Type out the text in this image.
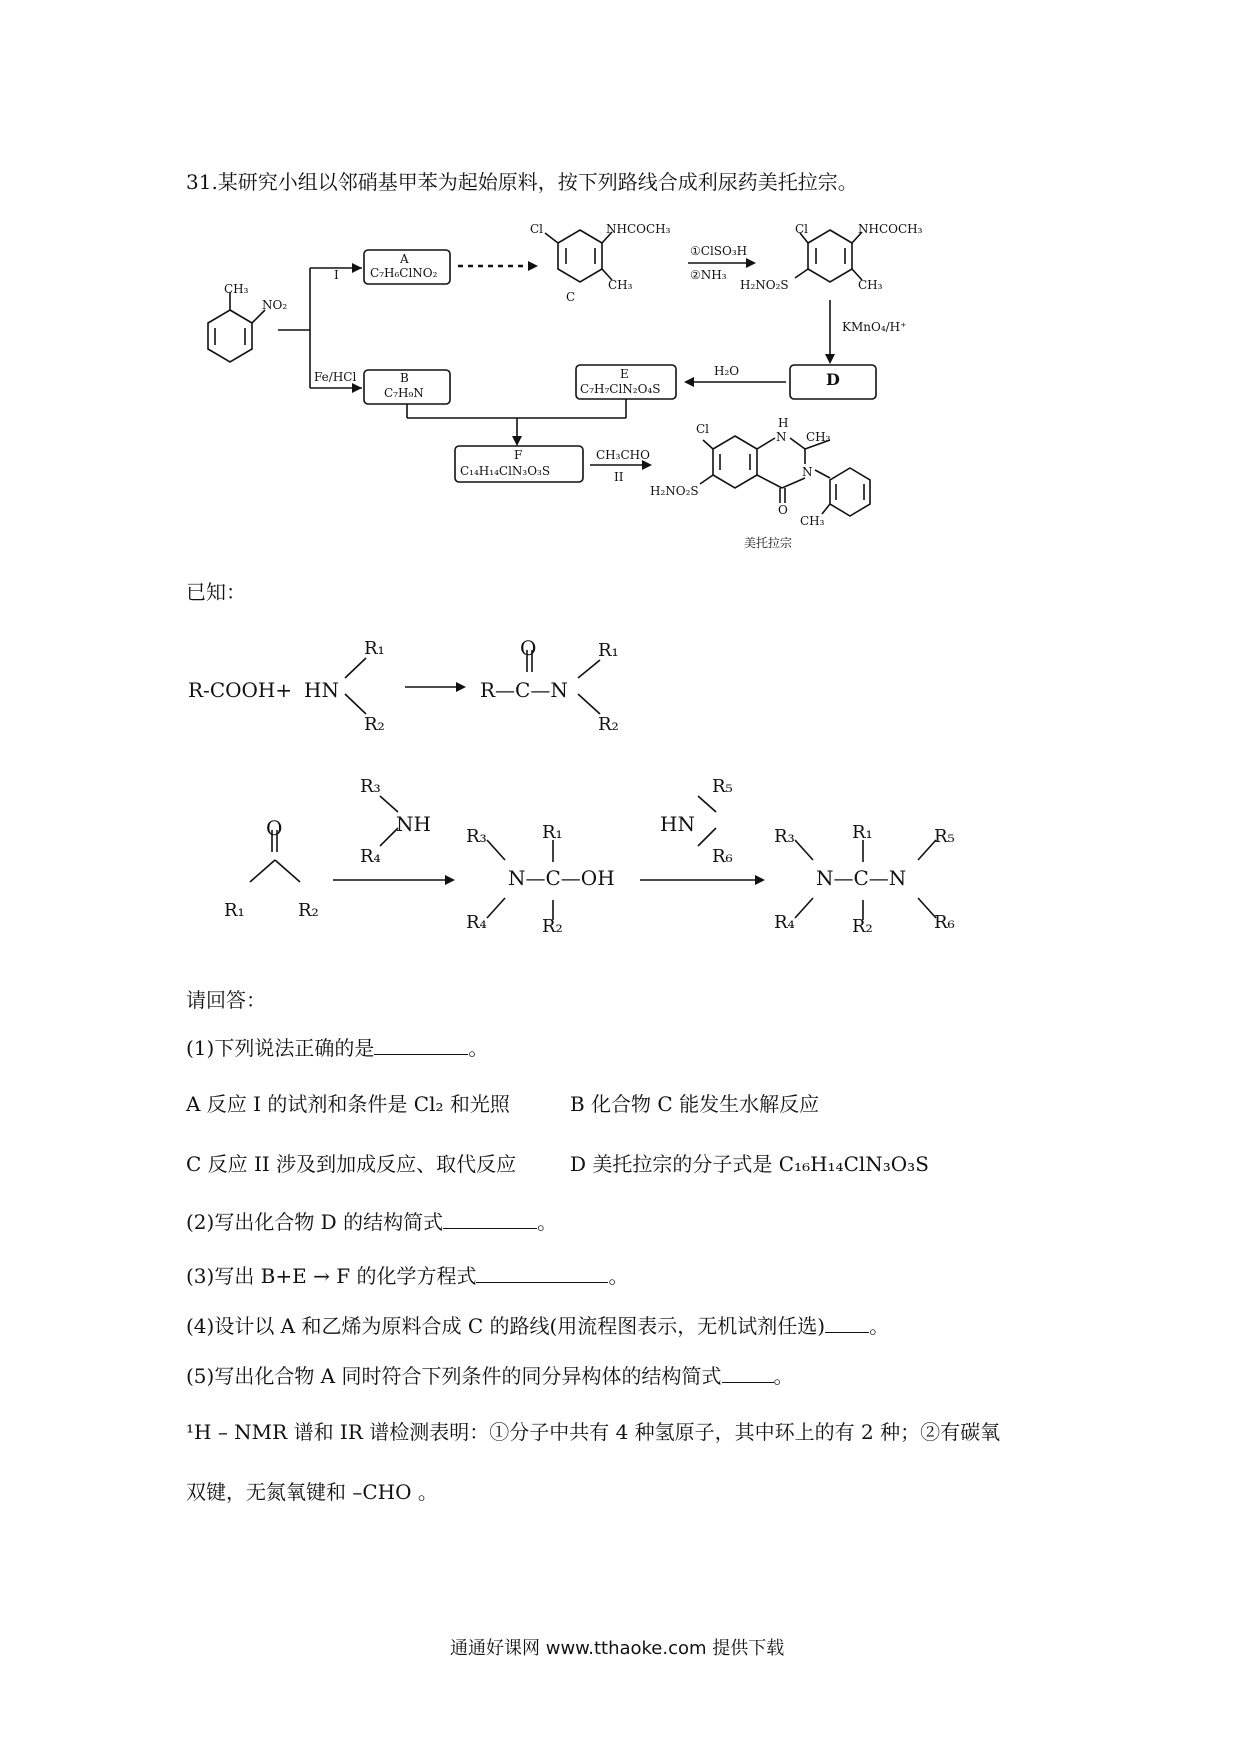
31.某研究小组以邻硝基甲苯为起始原料，按下列路线合成利尿药美托拉宗。
CH₃
NO₂
I
A
C₇H₆ClNO₂
Cl	NHCOCH₃
CH₃
C
①ClSO₃H
②NH₃
Cl	NHCOCH₃
H₂NO₂S	CH₃
KMnO₄/H⁺
D
H₂O
E
C₇H₇ClN₂O₄S
Fe/HCl	B
C₇H₉N
F
C₁₄H₁₄ClN₃O₃S
CH₃CHO
II
Cl	H
N CH₃
N
O
H₂NO₂S
CH₃
美托拉宗
已知：
R-COOH+ HN
R₁
R₂
O
R—C—N
R₁
R₂
O
R₁	R₂
R₃
NH
R₄
R₃
N—C—OH
R₁
R₂
R₄
HN
R₅
R₆
R₃
N—C—N
R₁
R₂
R₄
R₅
R₆
请回答：
(1)下列说法正确的是	。
A 反应 I 的试剂和条件是 Cl₂ 和光照	B 化合物 C 能发生水解反应
C 反应 II 涉及到加成反应、取代反应	D 美托拉宗的分子式是 C₁₆H₁₄ClN₃O₃S
(2)写出化合物 D 的结构简式	。
(3)写出 B+E → F 的化学方程式	。
(4)设计以 A 和乙烯为原料合成 C 的路线(用流程图表示，无机试剂任选) 。
(5)写出化合物 A 同时符合下列条件的同分异构体的结构简式	。
¹H – NMR 谱和 IR 谱检测表明：①分子中共有 4 种氢原子，其中环上的有 2 种；②有碳氧
双键，无氮氧键和 –CHO 。
通通好课网 www.tthaoke.com 提供下载
